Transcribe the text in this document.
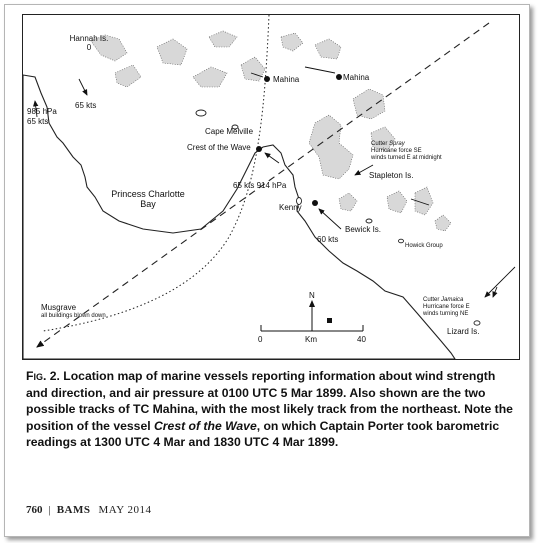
Hannah Is.
0
985 hPa
65 kts
65 kts
Mahina	Mahina
Cape Melville
Crest of the Wave
65 kts 914 hPa
Cutter Spray
Hurricane force SE
winds turned E at midnight
Stapleton Is.
Princess Charlotte
Bay	Kenny
60 kts
Bewick Is.
Howick Group
Musgrave
all buildings blown down
Cutter Jamaica
Hurricane force E
winds turning NE
Lizard Is.
N
0	Km	40
Fig. 2. Location map of marine vessels reporting information about wind strength and direction, and air pressure at 0100 UTC 5 Mar 1899. Also shown are the two possible tracks of TC Mahina, with the most likely track from the northeast. Note the position of the vessel Crest of the Wave, on which Captain Porter took barometric readings at 1300 UTC 4 Mar and 1830 UTC 4 Mar 1899.
760 | BAMS MAY 2014
